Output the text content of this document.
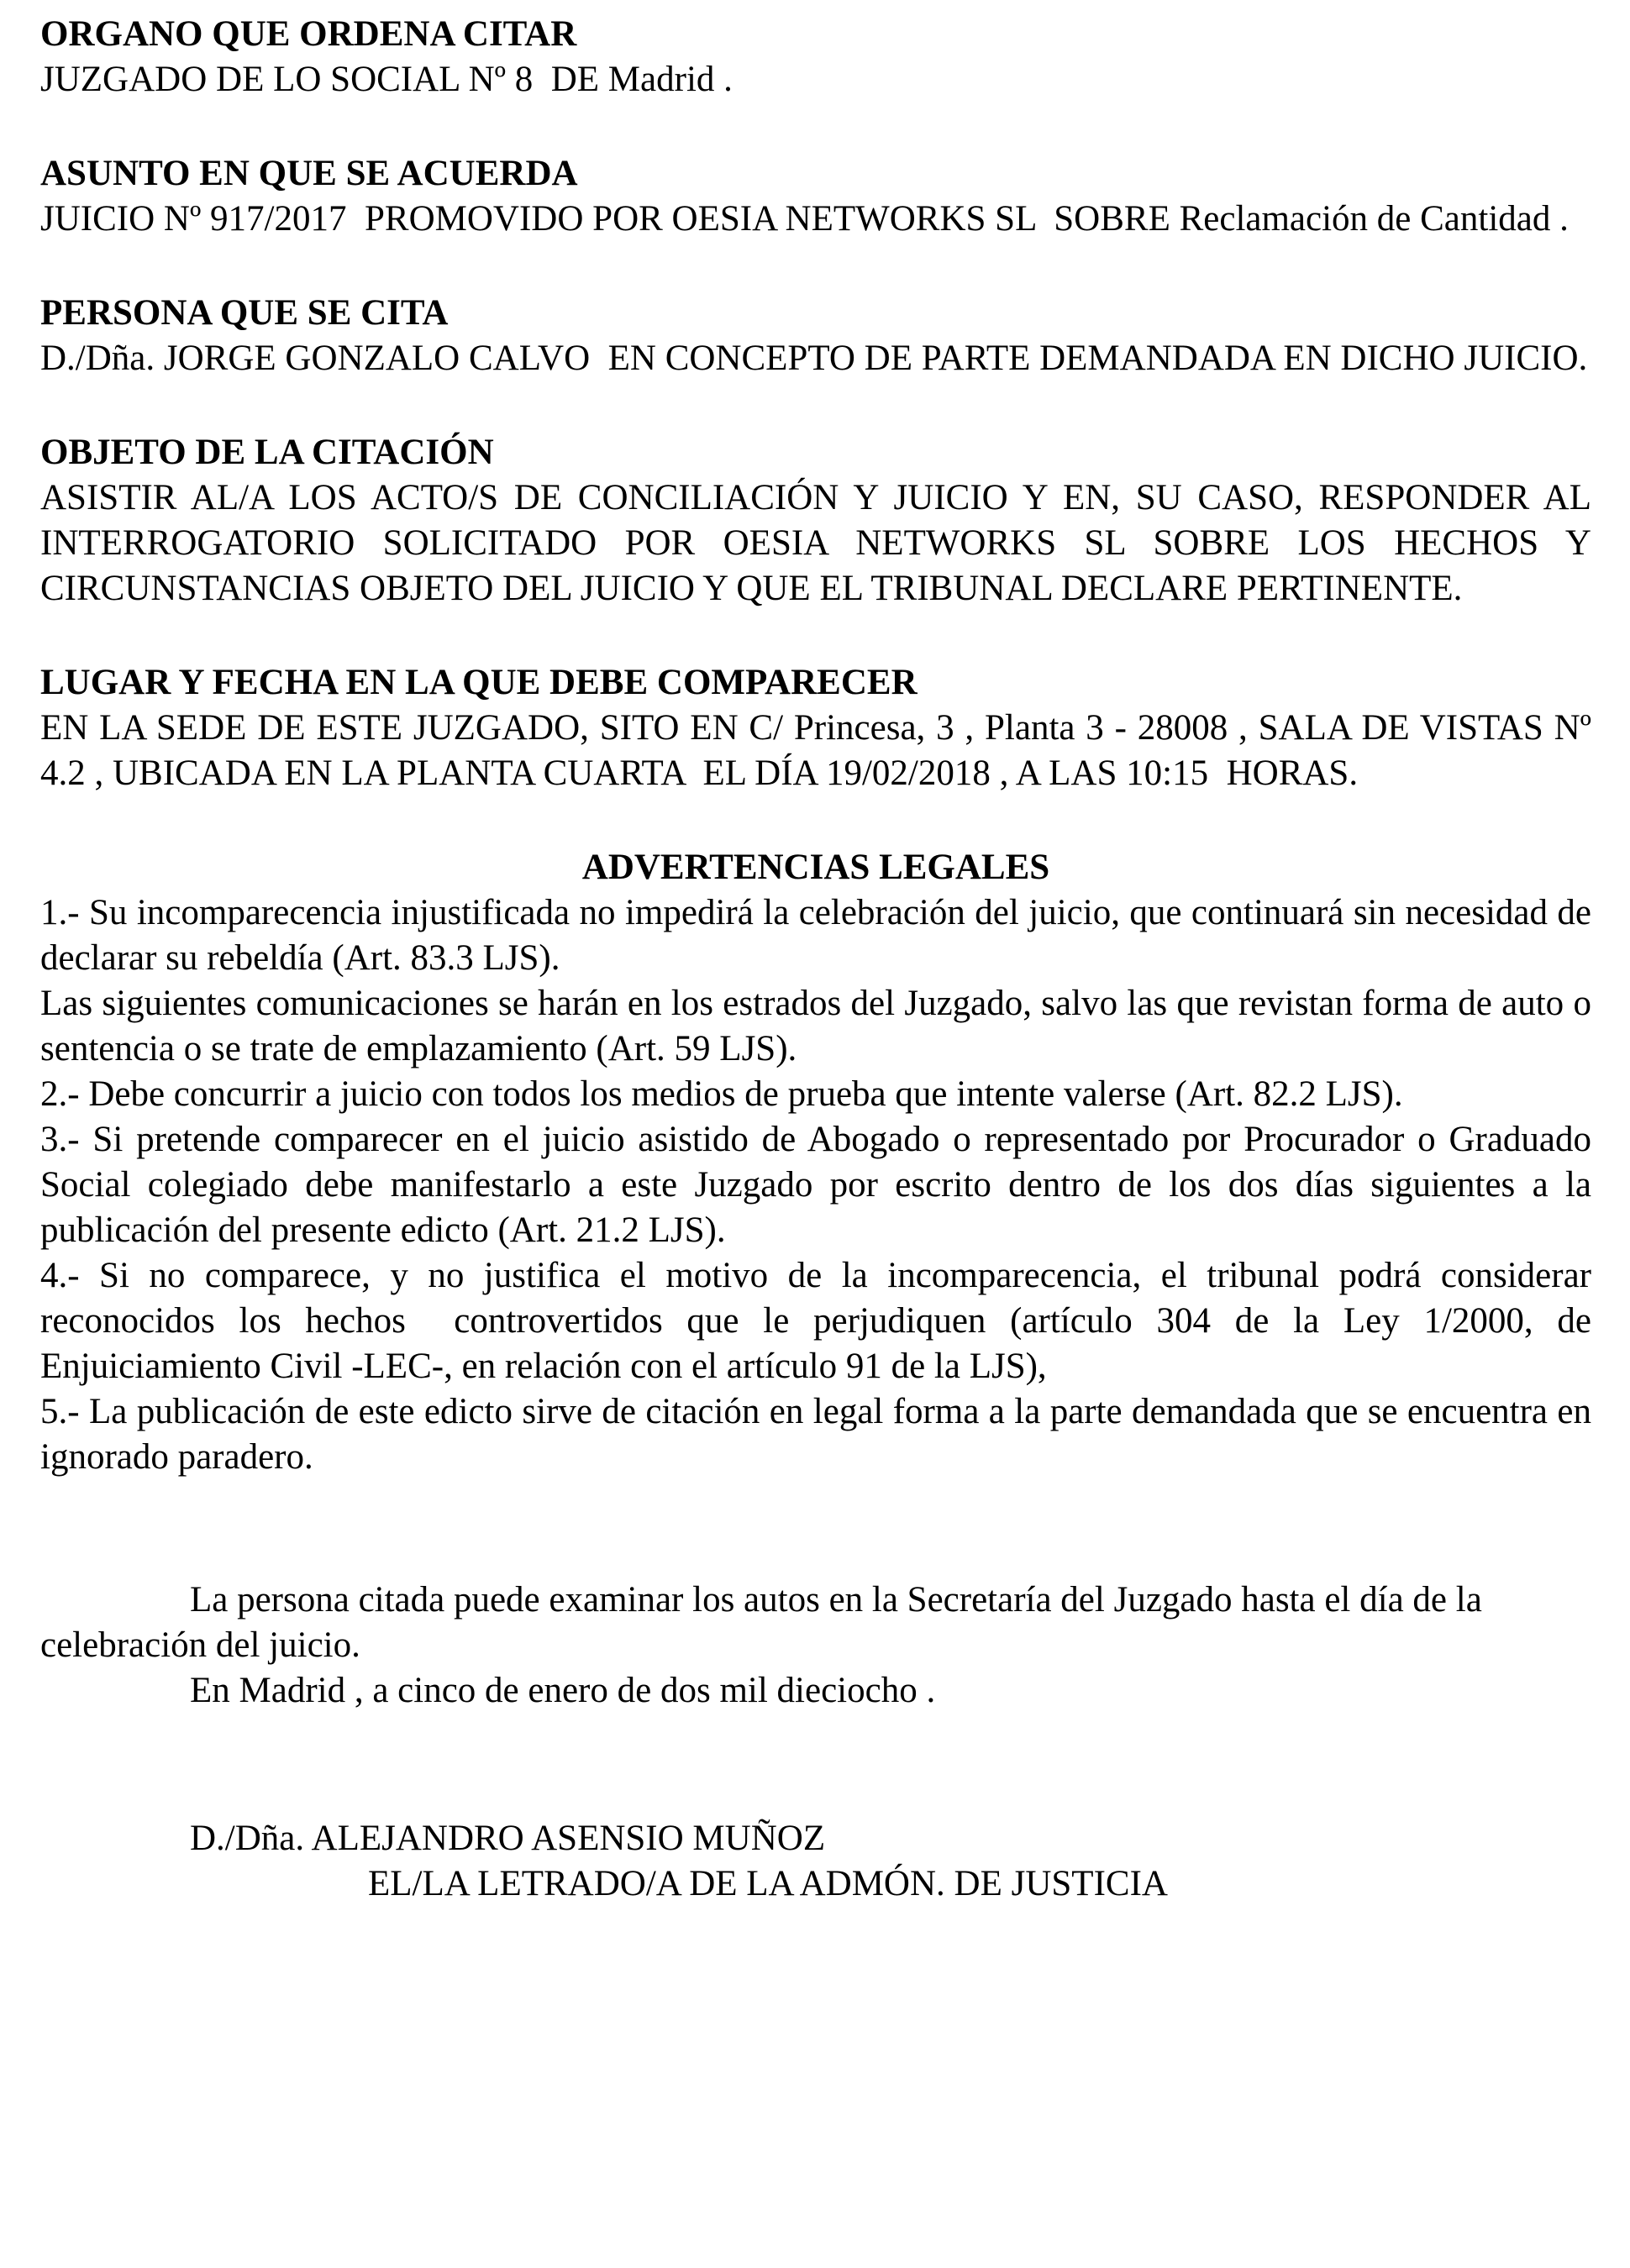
ORGANO QUE ORDENA CITAR

JUZGADO DE LO SOCIAL Nº 8  DE Madrid .

ASUNTO EN QUE SE ACUERDA

JUICIO Nº 917/2017  PROMOVIDO POR OESIA NETWORKS SL  SOBRE Reclamación de Cantidad .

PERSONA QUE SE CITA

D./Dña. JORGE GONZALO CALVO  EN CONCEPTO DE PARTE DEMANDADA EN DICHO JUICIO.

OBJETO DE LA CITACIÓN

ASISTIR AL/A LOS ACTO/S DE CONCILIACIÓN Y JUICIO Y EN, SU CASO, RESPONDER AL INTERROGATORIO SOLICITADO POR OESIA NETWORKS SL SOBRE LOS HECHOS Y CIRCUNSTANCIAS OBJETO DEL JUICIO Y QUE EL TRIBUNAL DECLARE PERTINENTE.

LUGAR Y FECHA EN LA QUE DEBE COMPARECER

EN LA SEDE DE ESTE JUZGADO, SITO EN C/ Princesa, 3 , Planta 3 - 28008 , SALA DE VISTAS Nº 4.2 , UBICADA EN LA PLANTA CUARTA  EL DÍA 19/02/2018 , A LAS 10:15  HORAS.

ADVERTENCIAS LEGALES

1.- Su incomparecencia injustificada no impedirá la celebración del juicio, que continuará sin necesidad de declarar su rebeldía (Art. 83.3 LJS).

Las siguientes comunicaciones se harán en los estrados del Juzgado, salvo las que revistan forma de auto o sentencia o se trate de emplazamiento (Art. 59 LJS).

2.- Debe concurrir a juicio con todos los medios de prueba que intente valerse (Art. 82.2 LJS).

3.- Si pretende comparecer en el juicio asistido de Abogado o representado por Procurador o Graduado Social colegiado debe manifestarlo a este Juzgado por escrito dentro de los dos días siguientes a la publicación del presente edicto (Art. 21.2 LJS).

4.- Si no comparece, y no justifica el motivo de la incomparecencia, el tribunal podrá considerar reconocidos los hechos  controvertidos que le perjudiquen (artículo 304 de la Ley 1/2000, de Enjuiciamiento Civil -LEC-, en relación con el artículo 91 de la LJS),

5.- La publicación de este edicto sirve de citación en legal forma a la parte demandada que se encuentra en ignorado paradero.

La persona citada puede examinar los autos en la Secretaría del Juzgado hasta el día de la celebración del juicio.

En Madrid , a cinco de enero de dos mil dieciocho .

D./Dña. ALEJANDRO ASENSIO MUÑOZ

EL/LA LETRADO/A DE LA ADMÓN. DE JUSTICIA
